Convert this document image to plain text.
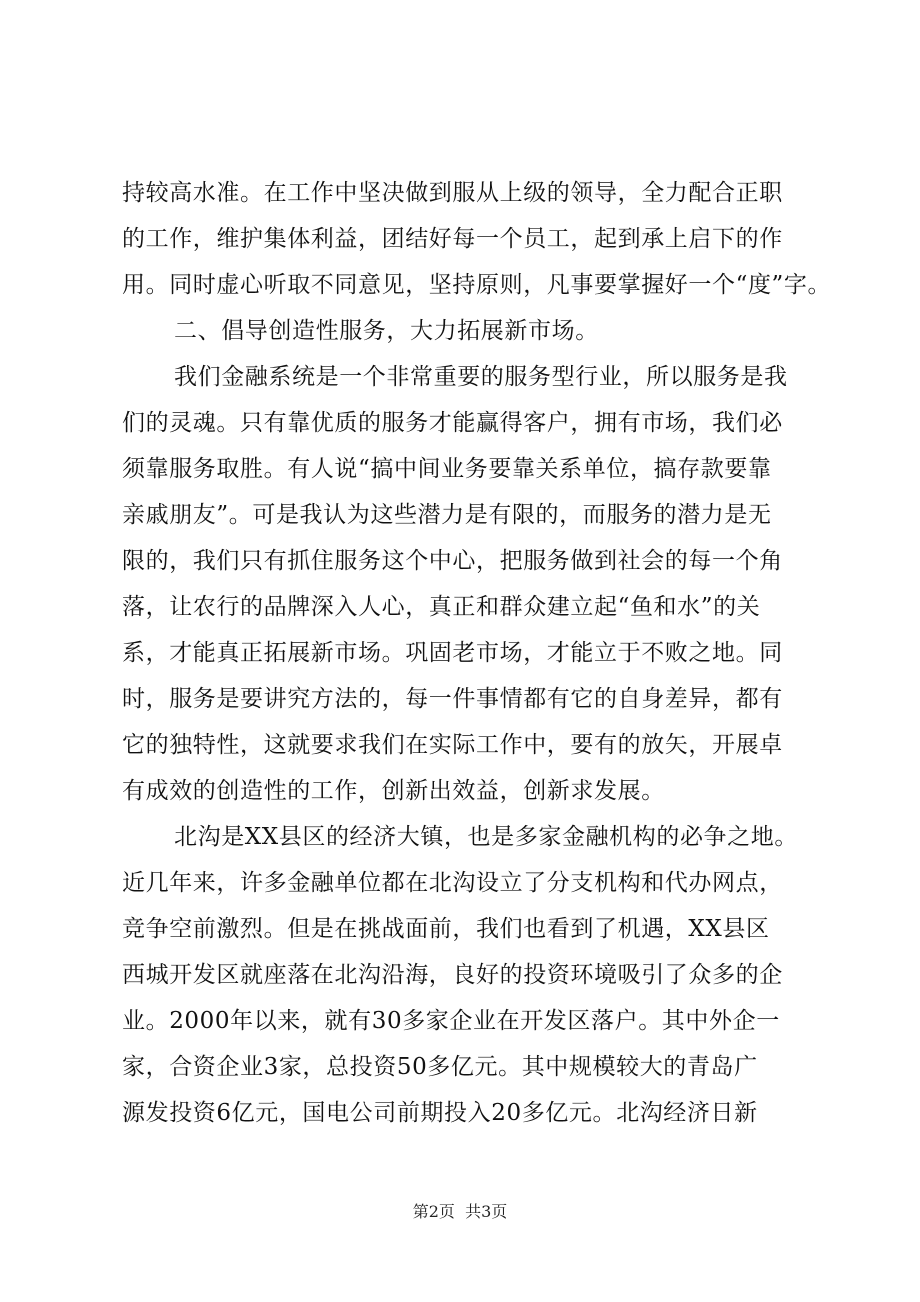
持较高水准。在工作中坚决做到服从上级的领导，全力配合正职
的工作，维护集体利益，团结好每一个员工，起到承上启下的作
用。同时虚心听取不同意见，坚持原则，凡事要掌握好一个“度”字。
二、倡导创造性服务，大力拓展新市场。
我们金融系统是一个非常重要的服务型行业，所以服务是我
们的灵魂。只有靠优质的服务才能赢得客户，拥有市场，我们必
须靠服务取胜。有人说“搞中间业务要靠关系单位，搞存款要靠
亲戚朋友”。可是我认为这些潜力是有限的，而服务的潜力是无
限的，我们只有抓住服务这个中心，把服务做到社会的每一个角
落，让农行的品牌深入人心，真正和群众建立起“鱼和水”的关
系，才能真正拓展新市场。巩固老市场，才能立于不败之地。同
时，服务是要讲究方法的，每一件事情都有它的自身差异，都有
它的独特性，这就要求我们在实际工作中，要有的放矢，开展卓
有成效的创造性的工作，创新出效益，创新求发展。
北沟是XX县区的经济大镇，也是多家金融机构的必争之地。
近几年来，许多金融单位都在北沟设立了分支机构和代办网点，
竞争空前激烈。但是在挑战面前，我们也看到了机遇，XX县区
西城开发区就座落在北沟沿海，良好的投资环境吸引了众多的企
业。2000年以来，就有30多家企业在开发区落户。其中外企一
家，合资企业3家，总投资50多亿元。其中规模较大的青岛广
源发投资6亿元，国电公司前期投入20多亿元。北沟经济日新
第2页  共3页
